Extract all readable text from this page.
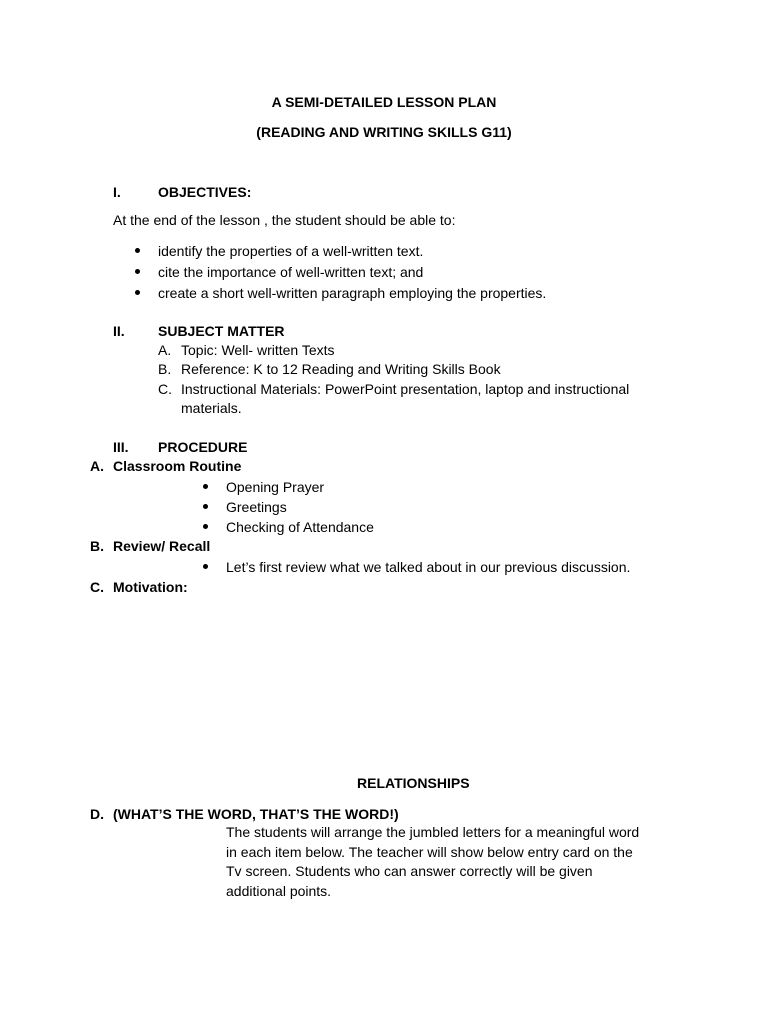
A SEMI-DETAILED LESSON PLAN

(READING AND WRITING SKILLS G11)

I.	OBJECTIVES:

At the end of the lesson , the student should be able to:

identify the properties of a well-written text.

cite the importance of well-written text; and

create a short well-written paragraph employing the properties.

II. SUBJECT MATTER

A. Topic: Well- written Texts

B. Reference: K to 12 Reading and Writing Skills Book

C. Instructional Materials: PowerPoint presentation, laptop and instructional

materials.

III. PROCEDURE

A. Classroom Routine

Opening Prayer

Greetings

Checking of Attendance

B. Review/ Recall

Let’s first review what we talked about in our previous discussion.

C. Motivation:

RELATIONSHIPS

D. (WHAT’S THE WORD, THAT’S THE WORD!)

The students will arrange the jumbled letters for a meaningful word

in each item below. The teacher will show below entry card on the

Tv screen. Students who can answer correctly will be given

additional points.
